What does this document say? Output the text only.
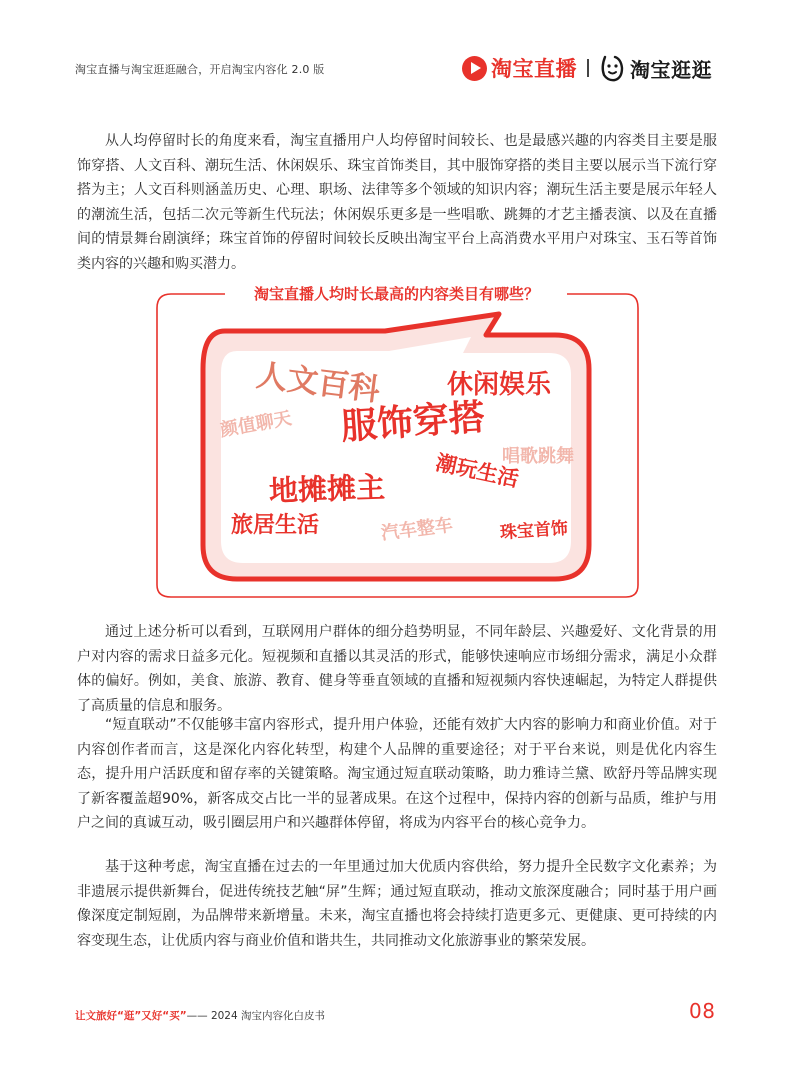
淘宝直播与淘宝逛逛融合，开启淘宝内容化 2.0 版	淘宝直播	淘宝逛逛

从人均停留时长的角度来看，淘宝直播用户人均停留时间较长、也是最感兴趣的内容类目主要是服饰穿搭、人文百科、潮玩生活、休闲娱乐、珠宝首饰类目，其中服饰穿搭的类目主要以展示当下流行穿搭为主；人文百科则涵盖历史、心理、职场、法律等多个领域的知识内容；潮玩生活主要是展示年轻人的潮流生活，包括二次元等新生代玩法；休闲娱乐更多是一些唱歌、跳舞的才艺主播表演、以及在直播间的情景舞台剧演绎；珠宝首饰的停留时间较长反映出淘宝平台上高消费水平用户对珠宝、玉石等首饰类内容的兴趣和购买潜力。

淘宝直播人均时长最高的内容类目有哪些？
人文百科	休闲娱乐
颜值聊天 服饰穿搭
唱歌跳舞
潮玩生活
地摊摊主
旅居生活	汽车整车	珠宝首饰

通过上述分析可以看到，互联网用户群体的细分趋势明显，不同年龄层、兴趣爱好、文化背景的用户对内容的需求日益多元化。短视频和直播以其灵活的形式，能够快速响应市场细分需求，满足小众群体的偏好。例如，美食、旅游、教育、健身等垂直领域的直播和短视频内容快速崛起，为特定人群提供了高质量的信息和服务。

“短直联动”不仅能够丰富内容形式，提升用户体验，还能有效扩大内容的影响力和商业价值。对于内容创作者而言，这是深化内容化转型，构建个人品牌的重要途径；对于平台来说，则是优化内容生态，提升用户活跃度和留存率的关键策略。淘宝通过短直联动策略，助力雅诗兰黛、欧舒丹等品牌实现了新客覆盖超90%，新客成交占比一半的显著成果。在这个过程中，保持内容的创新与品质，维护与用户之间的真诚互动，吸引圈层用户和兴趣群体停留，将成为内容平台的核心竞争力。

基于这种考虑，淘宝直播在过去的一年里通过加大优质内容供给，努力提升全民数字文化素养；为非遗展示提供新舞台，促进传统技艺触“屏”生辉；通过短直联动，推动文旅深度融合；同时基于用户画像深度定制短剧，为品牌带来新增量。未来，淘宝直播也将会持续打造更多元、更健康、更可持续的内容变现生态，让优质内容与商业价值和谐共生，共同推动文化旅游事业的繁荣发展。

让文旅好“逛”又好“买”—— 2024 淘宝内容化白皮书	08
